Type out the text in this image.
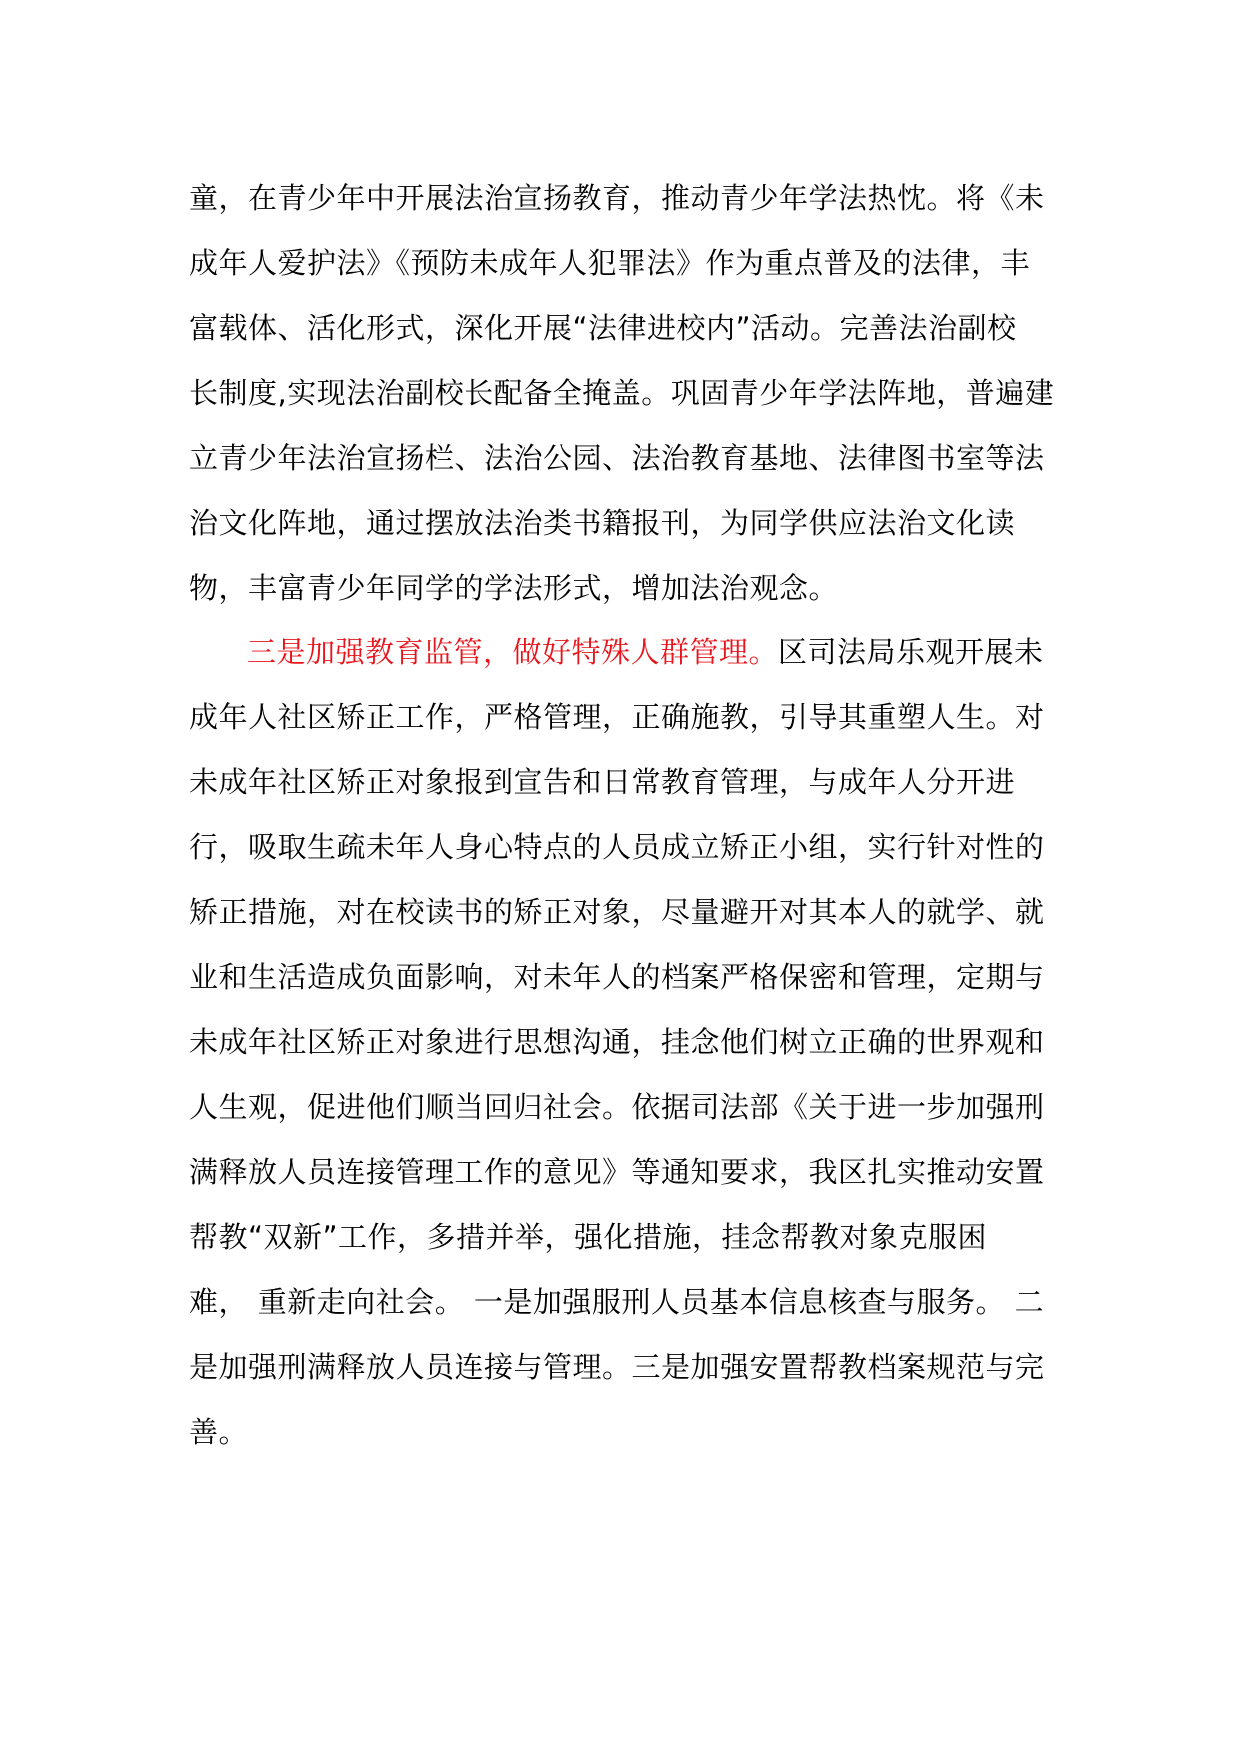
童，在青少年中开展法治宣扬教育，推动青少年学法热忱。将《未
成年人爱护法》《预防未成年人犯罪法》作为重点普及的法律，丰
富载体、活化形式，深化开展“法律进校内”活动。完善法治副校
长制度,实现法治副校长配备全掩盖。巩固青少年学法阵地，普遍建
立青少年法治宣扬栏、法治公园、法治教育基地、法律图书室等法
治文化阵地，通过摆放法治类书籍报刊，为同学供应法治文化读
物，丰富青少年同学的学法形式，增加法治观念。
三是加强教育监管，做好特殊人群管理。区司法局乐观开展未
成年人社区矫正工作，严格管理，正确施教，引导其重塑人生。对
未成年社区矫正对象报到宣告和日常教育管理，与成年人分开进
行，吸取生疏未年人身心特点的人员成立矫正小组，实行针对性的
矫正措施，对在校读书的矫正对象，尽量避开对其本人的就学、就
业和生活造成负面影响，对未年人的档案严格保密和管理，定期与
未成年社区矫正对象进行思想沟通，挂念他们树立正确的世界观和
人生观，促进他们顺当回归社会。依据司法部《关于进一步加强刑
满释放人员连接管理工作的意见》等通知要求，我区扎实推动安置
帮教“双新”工作，多措并举，强化措施，挂念帮教对象克服困
难， 重新走向社会。 一是加强服刑人员基本信息核查与服务。 二
是加强刑满释放人员连接与管理。三是加强安置帮教档案规范与完
善。
